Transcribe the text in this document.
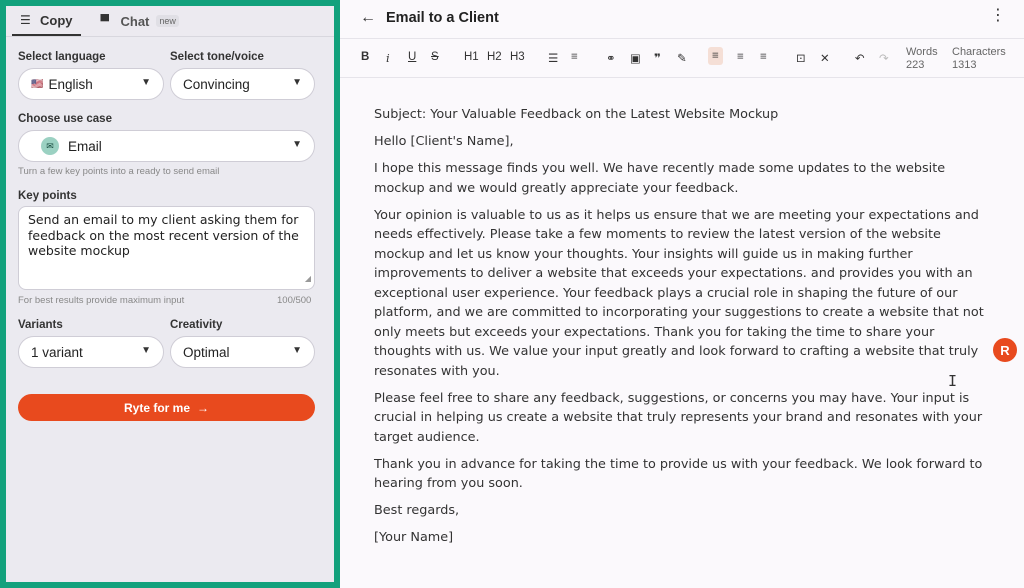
☰ Copy ▀ Chat	new
Select language
🇺🇸 English	▼
Select tone/voice
Convincing	▼
Choose use case
✉	Email	▼
Turn a few key points into a ready to send email
Key points
Send an email to my client asking them for feedback on the most recent version of the website mockup
◢
For best results provide maximum input	100/500
Variants
1 variant	▼
Creativity
Optimal	▼
Ryte for me →
← Email to a Client	⋮
B i U S H1 H2 H3 ☰ ≡ ⚭ ▣ ❞ ✎	≡	≡ ≡	⊡ ✕ ↶ ↷
Words
223
Characters
1313

Subject: Your Valuable Feedback on the Latest Website Mockup

Hello [Client's Name],

I hope this message finds you well. We have recently made some updates to the website mockup and we would greatly appreciate your feedback.

Your opinion is valuable to us as it helps us ensure that we are meeting your expectations and needs effectively. Please take a few moments to review the latest version of the website mockup and let us know your thoughts. Your insights will guide us in making further improvements to deliver a website that exceeds your expectations. and provides you with an exceptional user experience. Your feedback plays a crucial role in shaping the future of our platform, and we are committed to incorporating your suggestions to create a website that not only meets but exceeds your expectations. Thank you for taking the time to share your thoughts with us. We value your input greatly and look forward to crafting a website that truly resonates with you.

Please feel free to share any feedback, suggestions, or concerns you may have. Your input is crucial in helping us create a website that truly represents your brand and resonates with your target audience.

Thank you in advance for taking the time to provide us with your feedback. We look forward to hearing from you soon.

Best regards,

[Your Name]

R
I
